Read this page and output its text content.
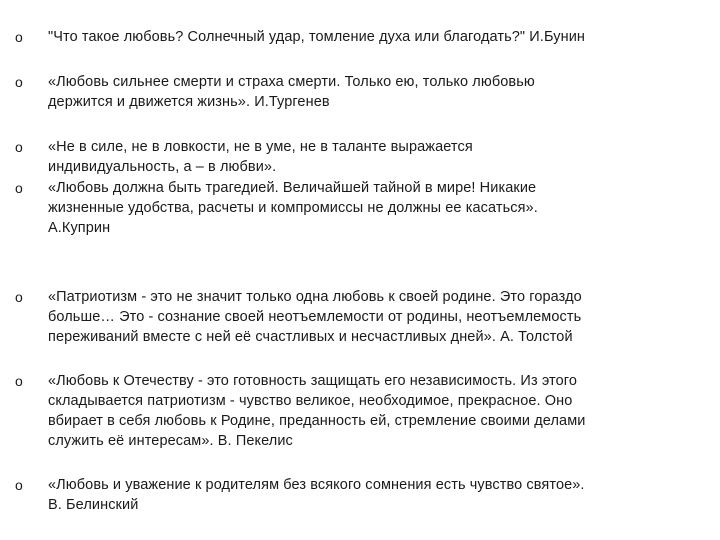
o "Что такое любовь? Солнечный удар, томление духа или благодать?" И.Бунин
o «Любовь сильнее смерти и страха смерти. Только ею, только любовью
держится и движется жизнь». И.Тургенев
o «Не в силе, не в ловкости, не в уме, не в таланте выражается
индивидуальность, а – в любви».
o «Любовь должна быть трагедией. Величайшей тайной в мире! Никакие
жизненные удобства, расчеты и компромиссы не должны ее касаться».
А.Куприн
o «Патриотизм - это не значит только одна любовь к своей родине. Это гораздо
больше… Это - сознание своей неотъемлемости от родины, неотъемлемость
переживаний вместе с ней её счастливых и несчастливых дней». А. Толстой
o «Любовь к Отечеству - это готовность защищать его независимость. Из этого
складывается патриотизм - чувство великое, необходимое, прекрасное. Оно
вбирает в себя любовь к Родине, преданность ей, стремление своими делами
служить её интересам». В. Пекелис
o «Любовь и уважение к родителям без всякого сомнения есть чувство святое».
В. Белинский
